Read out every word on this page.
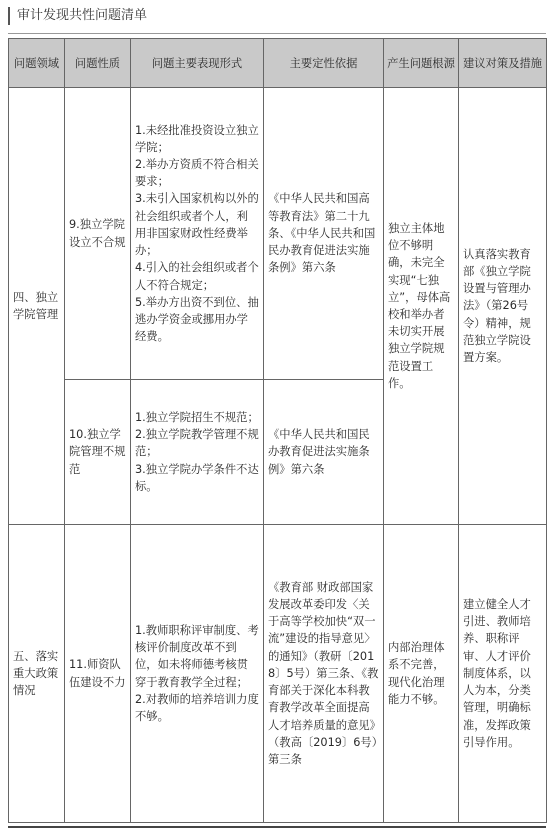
审计发现共性问题清单
问题领域	问题性质	问题主要表现形式	主要定性依据	产生问题根源	建议对策及措施

四、独立学院管理	9.独立学院设立不合规	1.未经批准投资设立独立学院；
2.举办方资质不符合相关要求；
3.未引入国家机构以外的社会组织或者个人，利用非国家财政性经费举办；
4.引入的社会组织或者个人不符合规定；
5.举办方出资不到位、抽逃办学资金或挪用办学经费。	《中华人民共和国高等教育法》第二十九条、《中华人民共和国民办教育促进法实施条例》第六条	独立主体地位不够明确，未完全实现“七独立”，母体高校和举办者未切实开展独立学院规范设置工作。	认真落实教育部《独立学院设置与管理办法》（第26号令）精神，规范独立学院设置方案。
	10.独立学院管理不规范	1.独立学院招生不规范；
2.独立学院教学管理不规范；
3.独立学院办学条件不达标。	《中华人民共和国民办教育促进法实施条例》第六条		
五、落实重大政策情况	11.师资队伍建设不力	1.教师职称评审制度、考核评价制度改革不到位，如未将师德考核贯穿于教育教学全过程；
2.对教师的培养培训力度不够。	《教育部 财政部国家发展改革委印发〈关于高等学校加快“双一流”建设的指导意见〉的通知》（教研〔2018〕5号）第三条、《教育部关于深化本科教育教学改革全面提高人才培养质量的意见》（教高〔2019〕6号）第三条	内部治理体系不完善，现代化治理能力不够。	建立健全人才引进、教师培养、职称评审、人才评价制度体系，以人为本，分类管理，明确标准，发挥政策引导作用。
